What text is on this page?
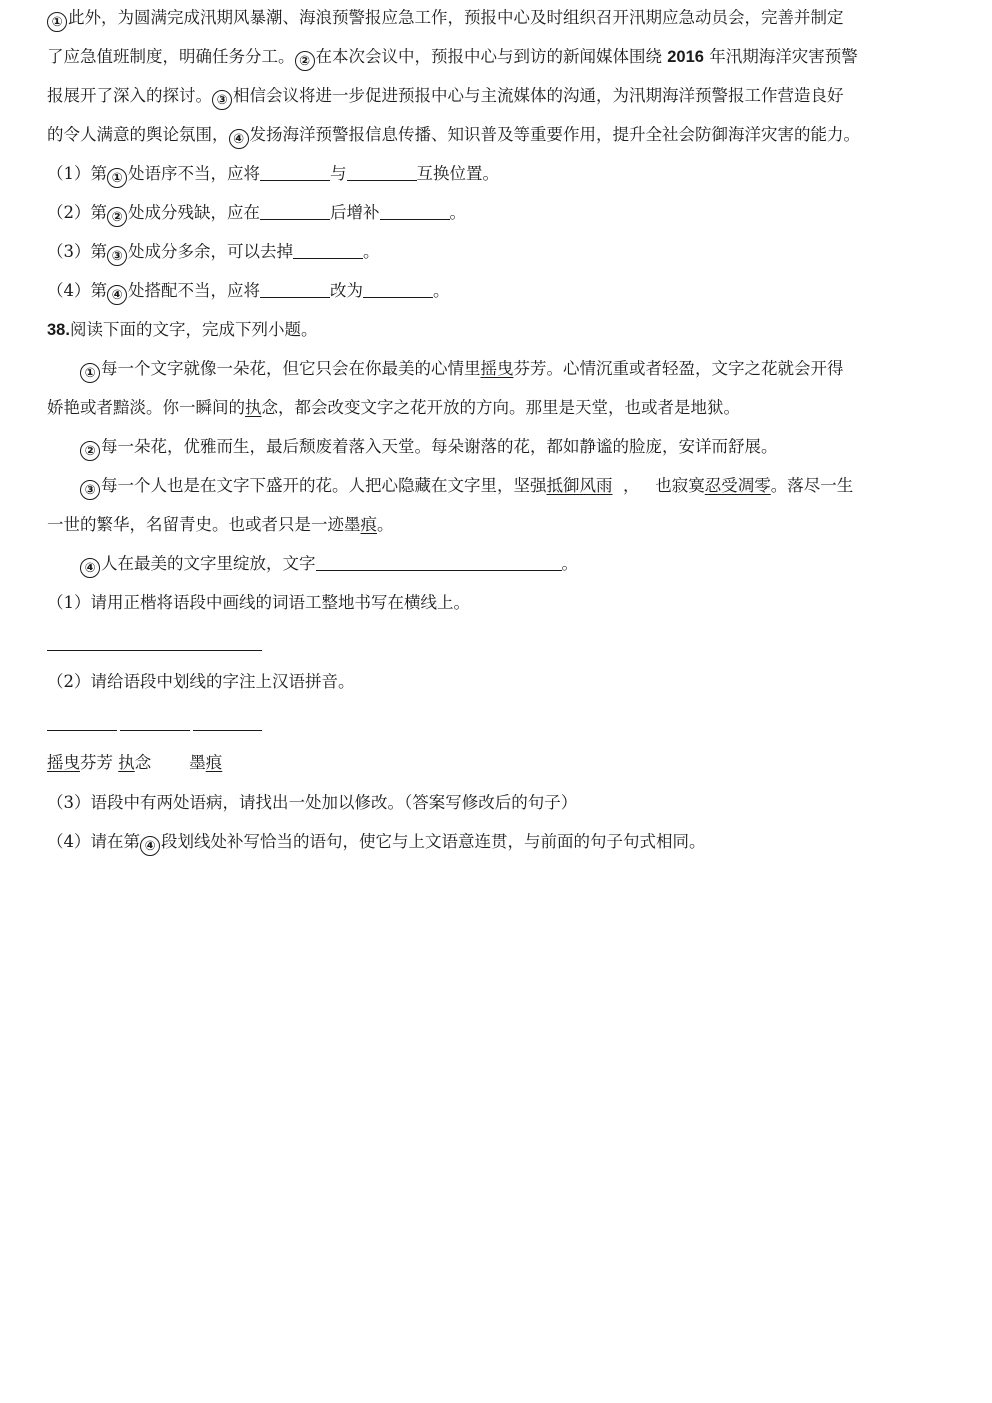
① 此外，为圆满完成汛期风暴潮、海浪预警报应急工作，预报中心及时组织召开汛期应急动员会，完善并制定
了应急值班制度，明确任务分工。 ② 在本次会议中，预报中心与到访的新闻媒体围绕 2016 年汛期海洋灾害预警
报展开了深入的探讨。 ③ 相信会议将进一步促进预报中心与主流媒体的沟通，为汛期海洋预警报工作营造良好
的令人满意的舆论氛围， ④ 发扬海洋预警报信息传播、知识普及等重要作用，提升全社会防御海洋灾害的能力。
（1）第 ① 处语序不当，应将	与	互换位置。
（2）第 ② 处成分残缺，应在	后增补	。
（3）第 ③ 处成分多余，可以去掉	。
（4）第 ④ 处搭配不当，应将	改为	。
38.阅读下面的文字，完成下列小题。
① 每一个文字就像一朵花，但它只会在你最美的心情里摇曳芬芳。心情沉重或者轻盈，文字之花就会开得
娇艳或者黯淡。你一瞬间的执念，都会改变文字之花开放的方向。那里是天堂，也或者是地狱。
② 每一朵花，优雅而生，最后颓废着落入天堂。每朵谢落的花，都如静谧的脸庞，安详而舒展。
③ 每一个人也是在文字下盛开的花。人把心隐藏在文字里，坚强抵御风雨  ，   也寂寞忍受凋零。落尽一生
一世的繁华，名留青史。也或者只是一迹墨痕。
④ 人在最美的文字里绽放，文字	。
（1）请用正楷将语段中画线的词语工整地书写在横线上。
（2）请给语段中划线的字注上汉语拼音。
摇曳芬芳 执念 墨痕
（3）语段中有两处语病，请找出一处加以修改。（答案写修改后的句子）
（4）请在第 ④ 段划线处补写恰当的语句，使它与上文语意连贯，与前面的句子句式相同。
